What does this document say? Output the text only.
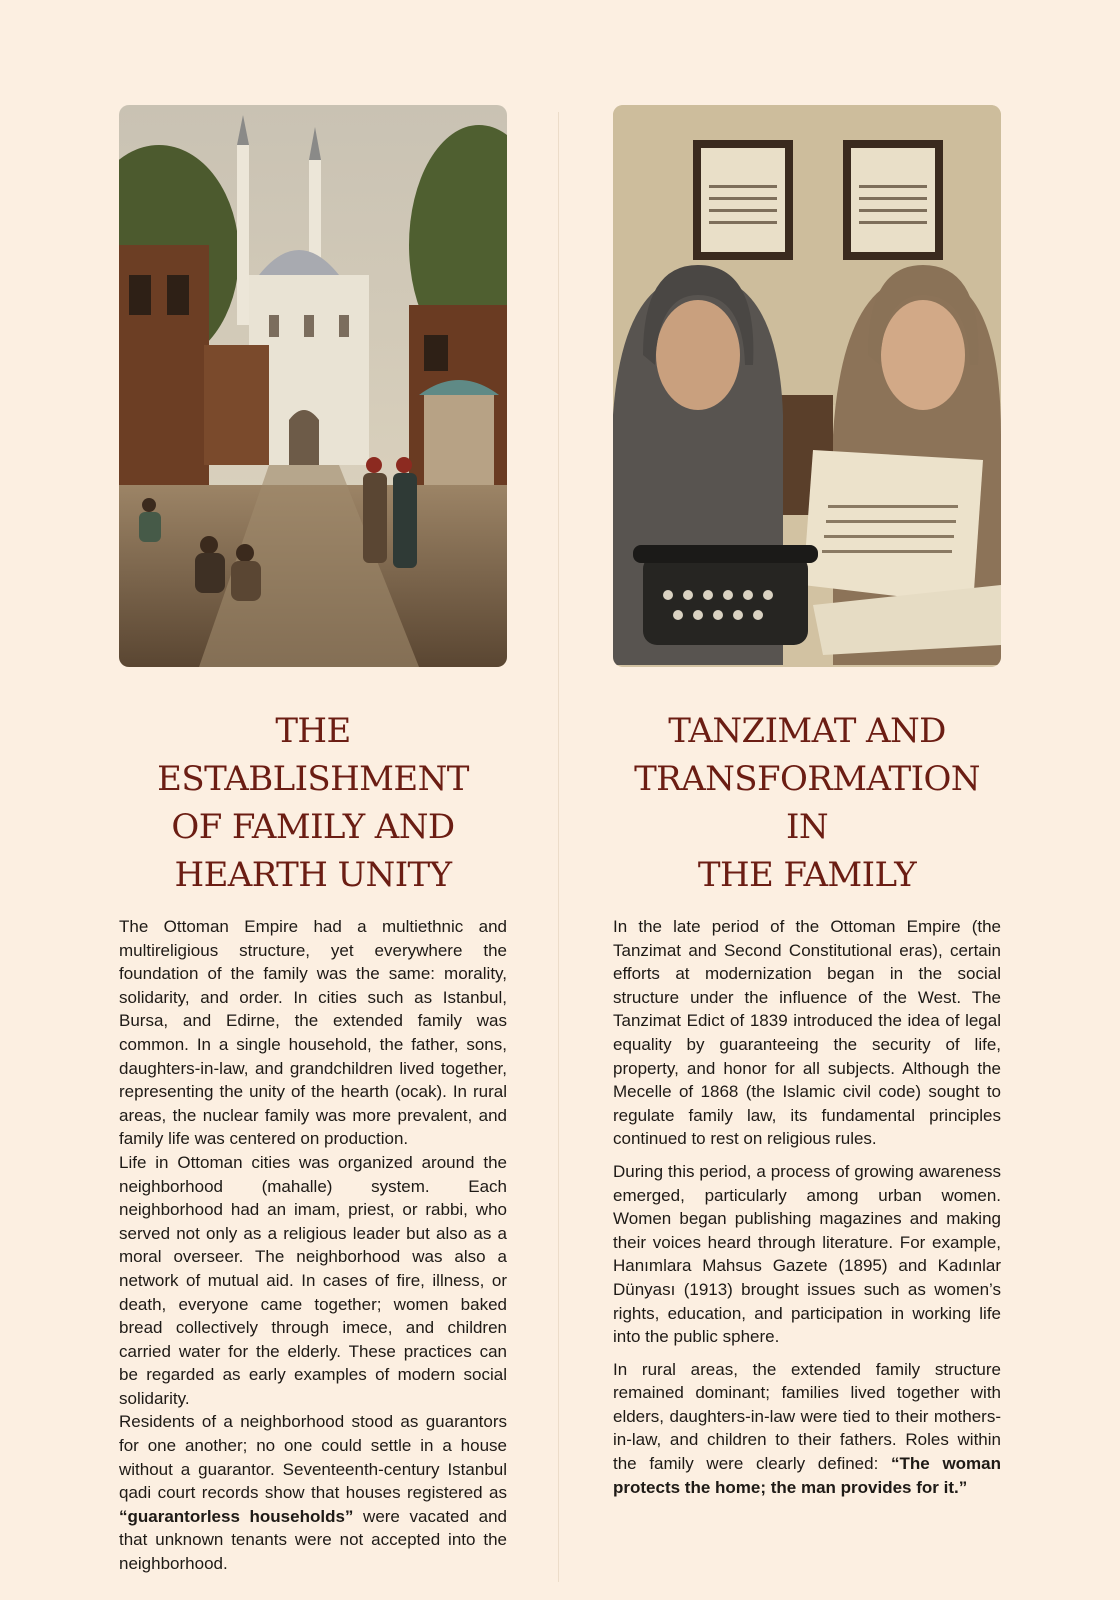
THE ESTABLISHMENT
OF FAMILY AND
HEARTH UNITY

The Ottoman Empire had a multiethnic and multireligious structure, yet everywhere the foundation of the family was the same: morality, solidarity, and order. In cities such as Istanbul, Bursa, and Edirne, the extended family was common. In a single household, the father, sons, daughters-in-law, and grandchildren lived together, representing the unity of the hearth (ocak). In rural areas, the nuclear family was more prevalent, and family life was centered on production.

Life in Ottoman cities was organized around the neighborhood (mahalle) system. Each neighborhood had an imam, priest, or rabbi, who served not only as a religious leader but also as a moral overseer. The neighborhood was also a network of mutual aid. In cases of fire, illness, or death, everyone came together; women baked bread collectively through imece, and children carried water for the elderly. These practices can be regarded as early examples of modern social solidarity.

Residents of a neighborhood stood as guarantors for one another; no one could settle in a house without a guarantor. Seventeenth-century Istanbul qadi court records show that houses registered as “guarantorless households” were vacated and that unknown tenants were not accepted into the neighborhood.

TANZIMAT AND
TRANSFORMATION IN
THE FAMILY

In the late period of the Ottoman Empire (the Tanzimat and Second Constitutional eras), certain efforts at modernization began in the social structure under the influence of the West. The Tanzimat Edict of 1839 introduced the idea of legal equality by guaranteeing the security of life, property, and honor for all subjects. Although the Mecelle of 1868 (the Islamic civil code) sought to regulate family law, its fundamental principles continued to rest on religious rules.

During this period, a process of growing awareness emerged, particularly among urban women. Women began publishing magazines and making their voices heard through literature. For example, Hanımlara Mahsus Gazete (1895) and Kadınlar Dünyası (1913) brought issues such as women’s rights, education, and participation in working life into the public sphere.

In rural areas, the extended family structure remained dominant; families lived together with elders, daughters-in-law were tied to their mothers-in-law, and children to their fathers. Roles within the family were clearly defined: “The woman protects the home; the man provides for it.”
